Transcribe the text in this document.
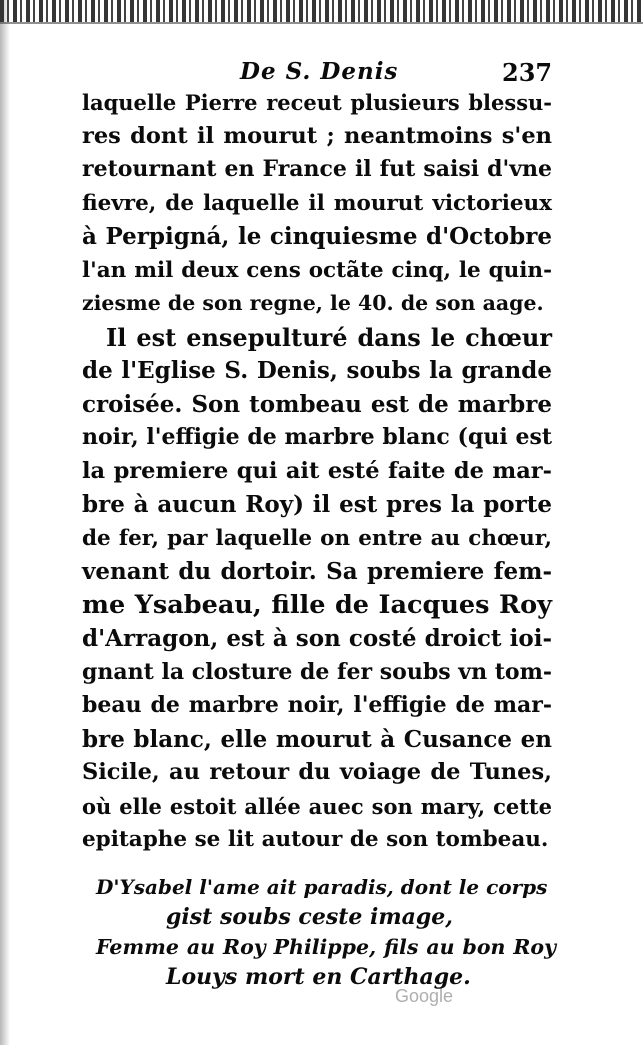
De S. Denis	237
laquelle Pierre receut plusieurs blessu-
res dont il mourut ; neantmoins s'en
retournant en France il fut saisi d'vne
fievre, de laquelle il mourut victorieux
à Perpigná, le cinquiesme d'Octobre
l'an mil deux cens octãte cinq, le quin-
ziesme de son regne, le 40. de son aage.
Il est ensepulturé dans le chœur
de l'Eglise S. Denis, soubs la grande
croisée. Son tombeau est de marbre
noir, l'effigie de marbre blanc (qui est
la premiere qui ait esté faite de mar-
bre à aucun Roy) il est pres la porte
de fer, par laquelle on entre au chœur,
venant du dortoir. Sa premiere fem-
me Ysabeau, fille de Iacques Roy
d'Arragon, est à son costé droict ioi-
gnant la closture de fer soubs vn tom-
beau de marbre noir, l'effigie de mar-
bre blanc, elle mourut à Cusance en
Sicile, au retour du voiage de Tunes,
où elle estoit allée auec son mary, cette
epitaphe se lit autour de son tombeau.
D'Ysabel l'ame ait paradis, dont le corps
gist soubs ceste image,
Femme au Roy Philippe, fils au bon Roy
Louys mort en Carthage.
Google
